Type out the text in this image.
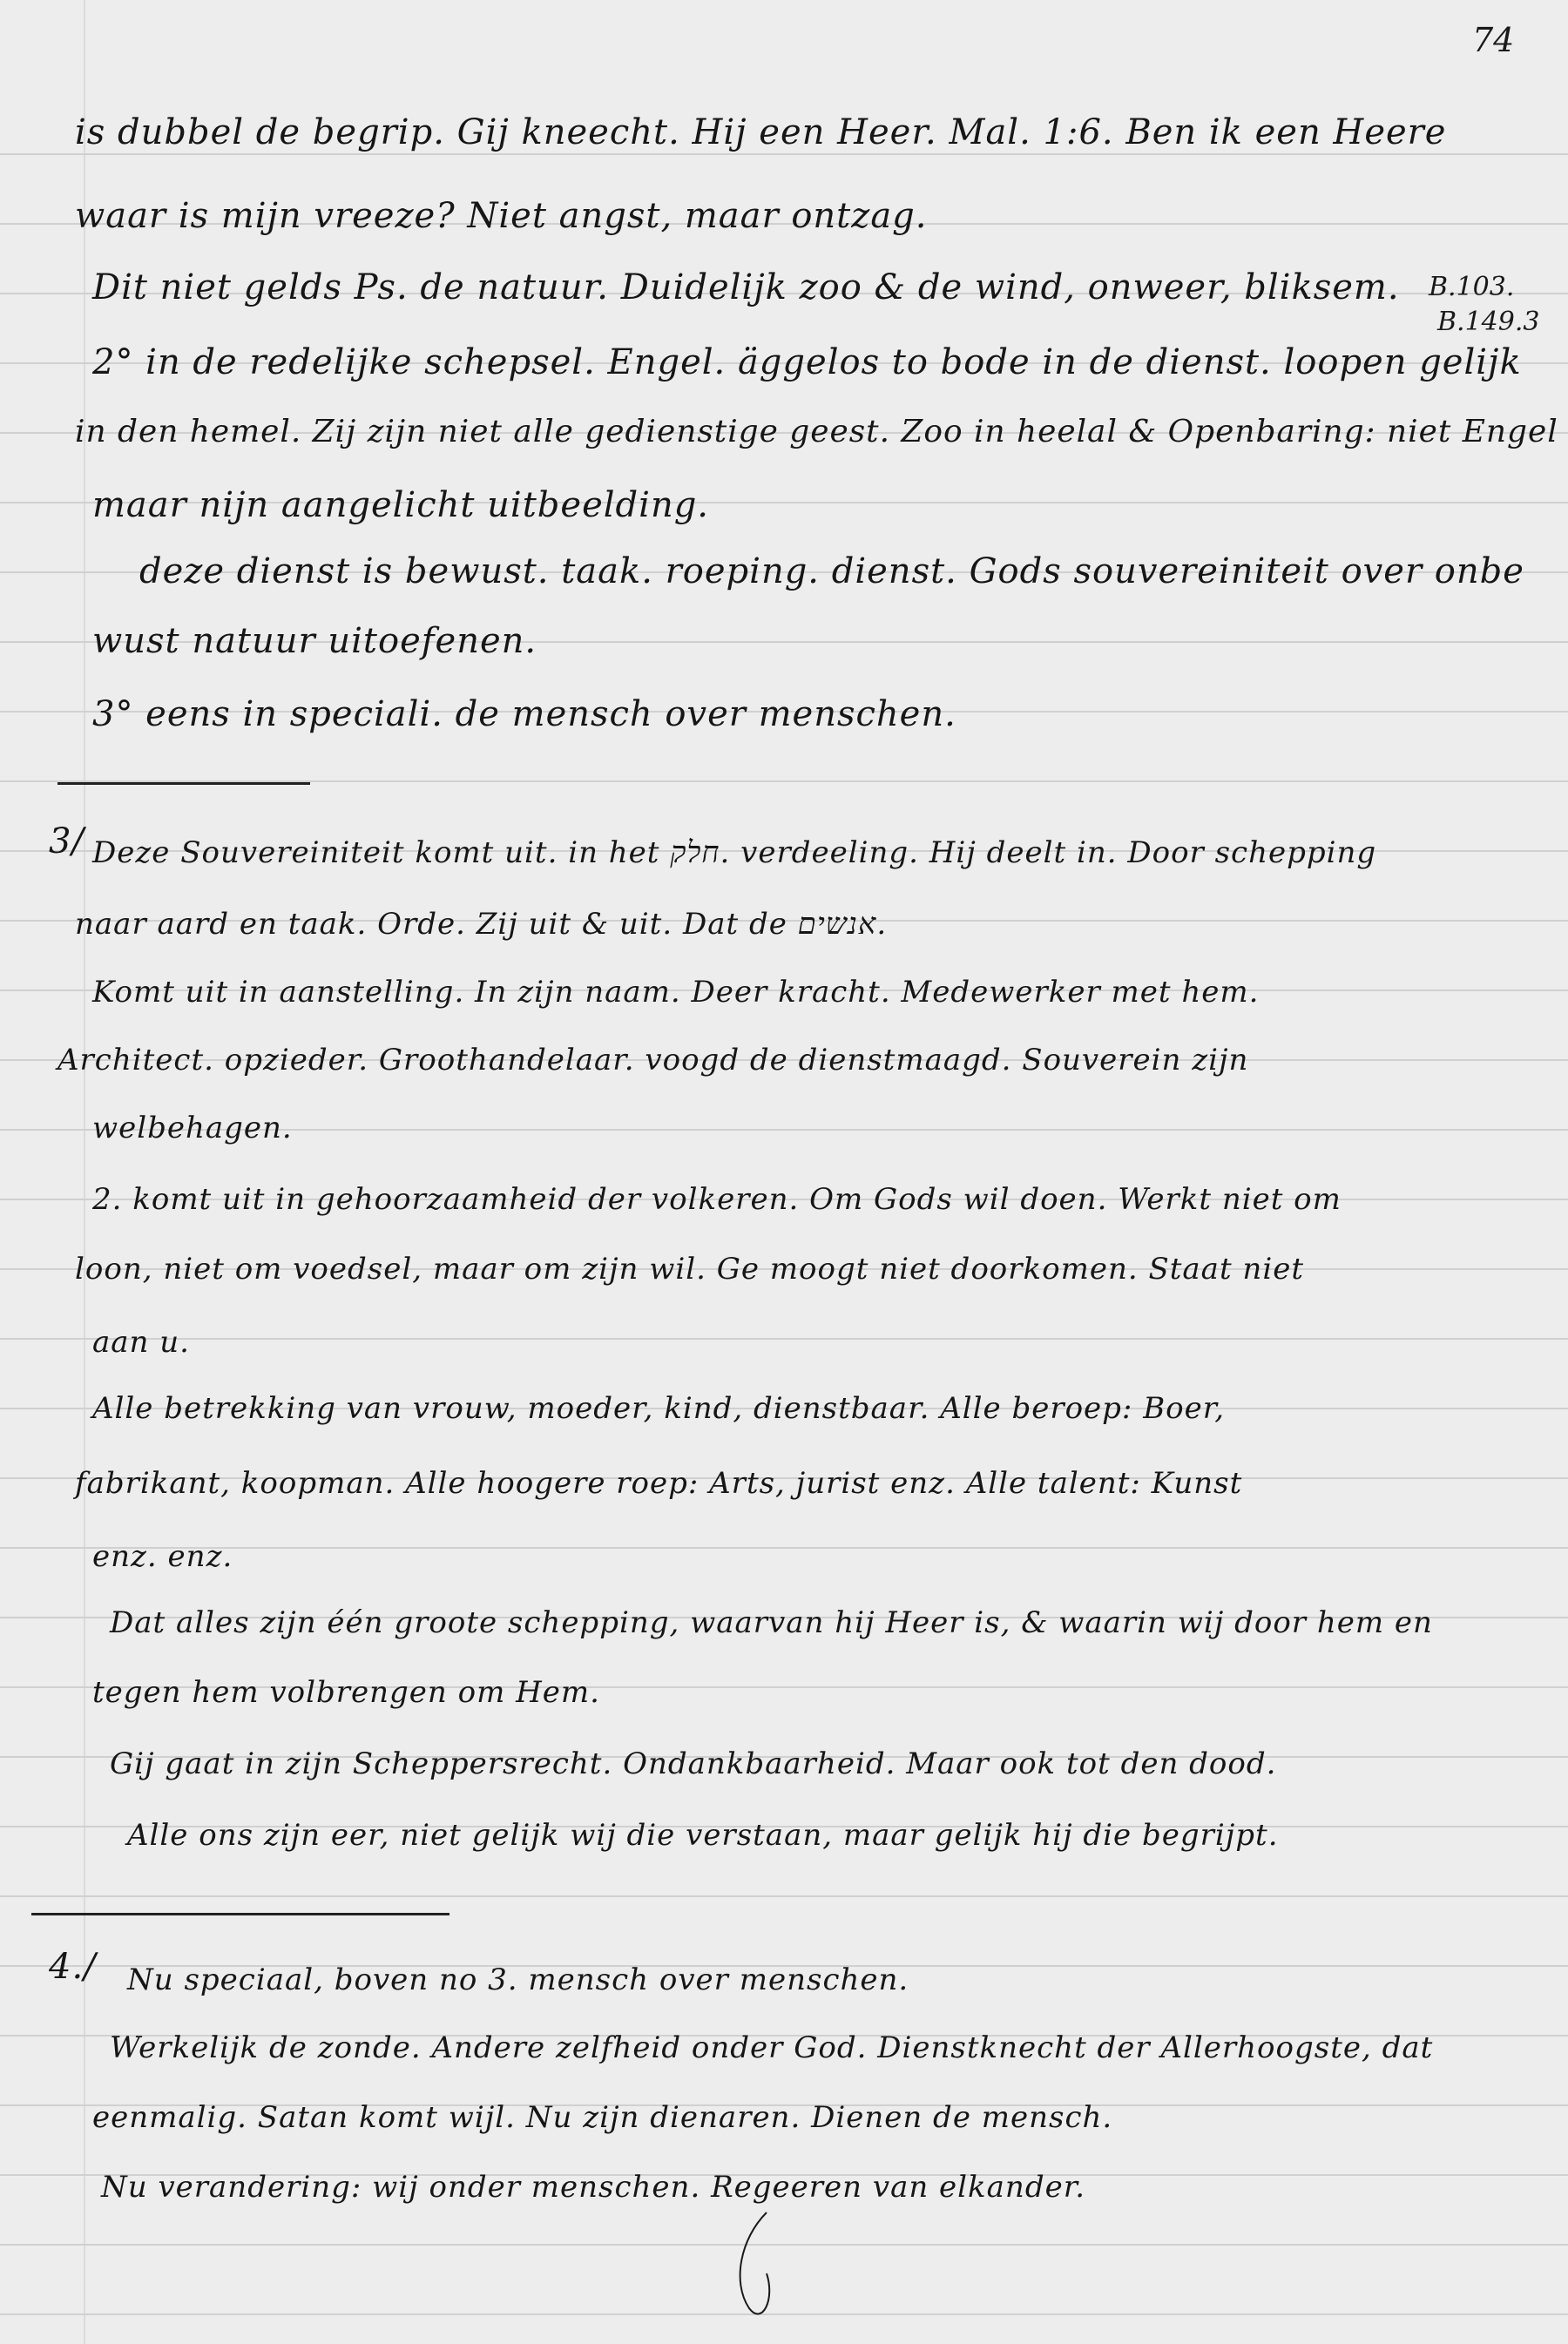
74
is dubbel de begrip. Gij kneecht. Hij een Heer. Mal. 1:6. Ben ik een Heere
waar is mijn vreeze? Niet angst, maar ontzag.
Dit niet gelds Ps. de natuur. Duidelijk zoo & de wind, onweer, bliksem. B.103.
B.149.3
2° in de redelijke schepsel. Engel. äggelos to bode in de dienst. loopen gelijk
in den hemel. Zij zijn niet alle gedienstige geest. Zoo in heelal & Openbaring: niet Engel
maar nijn aangelicht uitbeelding.
deze dienst is bewust. taak. roeping. dienst. Gods souvereiniteit over onbe
wust natuur uitoefenen.
3° eens in speciali. de mensch over menschen.
3/ Deze Souvereiniteit komt uit. in het חלק. verdeeling. Hij deelt in. Door schepping
naar aard en taak. Orde. Zij uit & uit. Dat de אנשים.
Komt uit in aanstelling. In zijn naam. Deer kracht. Medewerker met hem.
Architect. opzieder. Groothandelaar. voogd de dienstmaagd. Souverein zijn
welbehagen.
2. komt uit in gehoorzaamheid der volkeren. Om Gods wil doen. Werkt niet om
loon, niet om voedsel, maar om zijn wil. Ge moogt niet doorkomen. Staat niet
aan u.
Alle betrekking van vrouw, moeder, kind, dienstbaar. Alle beroep: Boer,
fabrikant, koopman. Alle hoogere roep: Arts, jurist enz. Alle talent: Kunst
enz. enz.
Dat alles zijn één groote schepping, waarvan hij Heer is, & waarin wij door hem en
tegen hem volbrengen om Hem.
Gij gaat in zijn Scheppersrecht. Ondankbaarheid. Maar ook tot den dood.
Alle ons zijn eer, niet gelijk wij die verstaan, maar gelijk hij die begrijpt.
4./ Nu speciaal, boven no 3. mensch over menschen.
Werkelijk de zonde. Andere zelfheid onder God. Dienstknecht der Allerhoogste, dat
eenmalig. Satan komt wijl. Nu zijn dienaren. Dienen de mensch.
Nu verandering: wij onder menschen. Regeeren van elkander.
